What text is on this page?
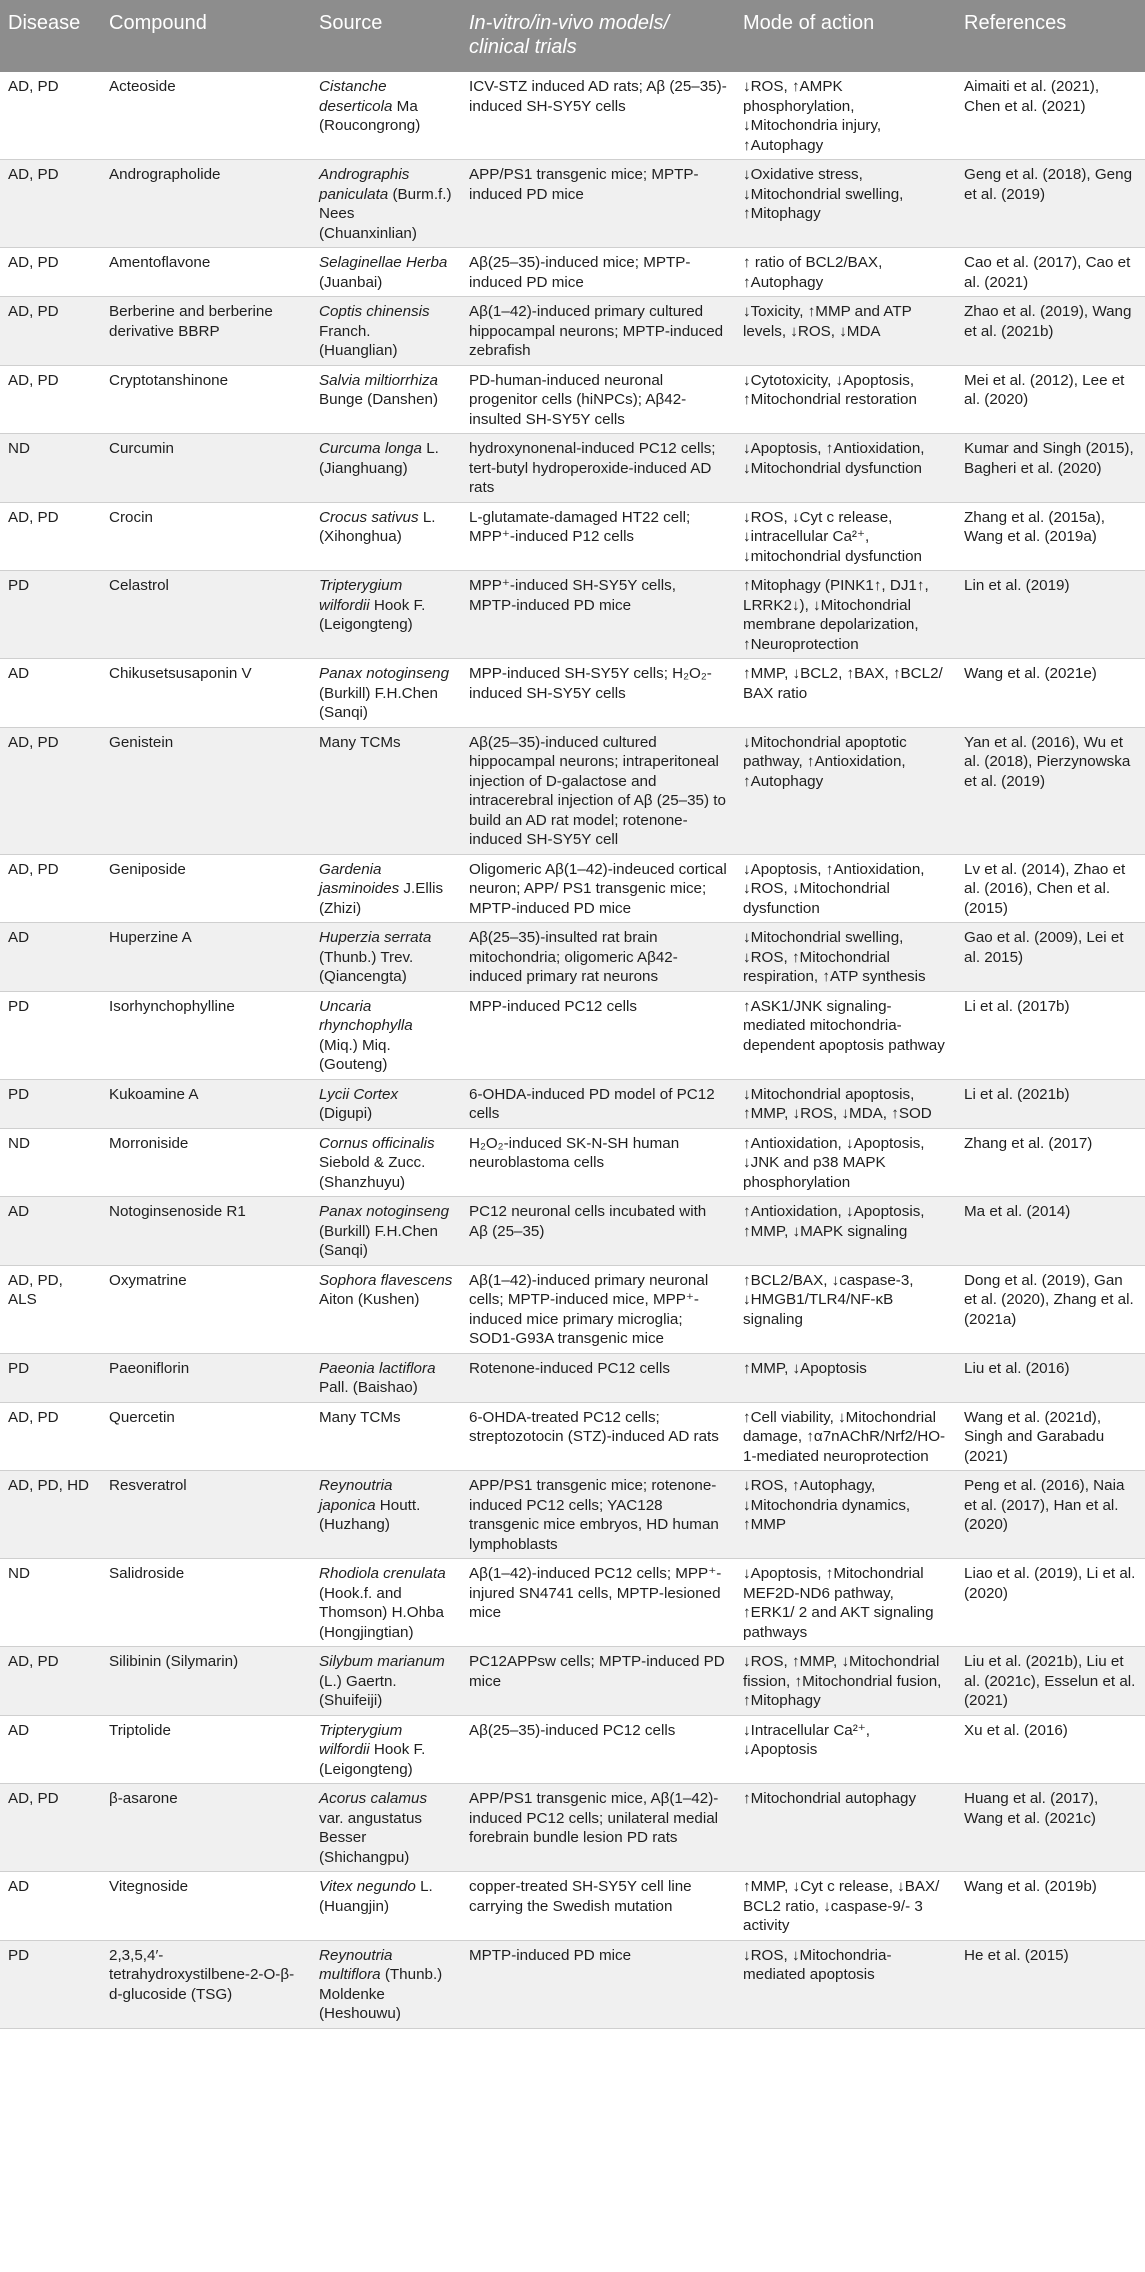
Disease	Compound	Source	In-vitro/in-vivo models/ clinical trials	Mode of action	References
AD, PD	Acteoside	Cistanche deserticola Ma (Roucongrong)	ICV-STZ induced AD rats; Aβ (25–35)-induced SH-SY5Y cells	↓ROS, ↑AMPK phosphorylation, ↓Mitochondria injury, ↑Autophagy	Aimaiti et al. (2021), Chen et al. (2021)
AD, PD	Andrographolide	Andrographis paniculata (Burm.f.) Nees (Chuanxinlian)	APP/PS1 transgenic mice; MPTP-induced PD mice	↓Oxidative stress, ↓Mitochondrial swelling, ↑Mitophagy	Geng et al. (2018), Geng et al. (2019)
AD, PD	Amentoflavone	Selaginellae Herba (Juanbai)	Aβ(25–35)-induced mice; MPTP-induced PD mice	↑ ratio of BCL2/BAX, ↑Autophagy	Cao et al. (2017), Cao et al. (2021)
AD, PD	Berberine and berberine derivative BBRP	Coptis chinensis Franch. (Huanglian)	Aβ(1–42)-induced primary cultured hippocampal neurons; MPTP-induced zebrafish	↓Toxicity, ↑MMP and ATP levels, ↓ROS, ↓MDA	Zhao et al. (2019), Wang et al. (2021b)
AD, PD	Cryptotanshinone	Salvia miltiorrhiza Bunge (Danshen)	PD-human-induced neuronal progenitor cells (hiNPCs); Aβ42-insulted SH-SY5Y cells	↓Cytotoxicity, ↓Apoptosis, ↑Mitochondrial restoration	Mei et al. (2012), Lee et al. (2020)
ND	Curcumin	Curcuma longa L. (Jianghuang)	hydroxynonenal-induced PC12 cells; tert-butyl hydroperoxide-induced AD rats	↓Apoptosis, ↑Antioxidation, ↓Mitochondrial dysfunction	Kumar and Singh (2015), Bagheri et al. (2020)
AD, PD	Crocin	Crocus sativus L. (Xihonghua)	L-glutamate-damaged HT22 cell; MPP⁺-induced P12 cells	↓ROS, ↓Cyt c release, ↓intracellular Ca²⁺, ↓mitochondrial dysfunction	Zhang et al. (2015a), Wang et al. (2019a)
PD	Celastrol	Tripterygium wilfordii Hook F. (Leigongteng)	MPP⁺-induced SH-SY5Y cells, MPTP-induced PD mice	↑Mitophagy (PINK1↑, DJ1↑, LRRK2↓), ↓Mitochondrial membrane depolarization, ↑Neuroprotection	Lin et al. (2019)
AD	Chikusetsusaponin V	Panax notoginseng (Burkill) F.H.Chen (Sanqi)	MPP-induced SH-SY5Y cells; H₂O₂-induced SH-SY5Y cells	↑MMP, ↓BCL2, ↑BAX, ↑BCL2/ BAX ratio	Wang et al. (2021e)
AD, PD	Genistein	Many TCMs	Aβ(25–35)-induced cultured hippocampal neurons; intraperitoneal injection of D-galactose and intracerebral injection of Aβ (25–35) to build an AD rat model; rotenone-induced SH-SY5Y cell	↓Mitochondrial apoptotic pathway, ↑Antioxidation, ↑Autophagy	Yan et al. (2016), Wu et al. (2018), Pierzynowska et al. (2019)
AD, PD	Geniposide	Gardenia jasminoides J.Ellis (Zhizi)	Oligomeric Aβ(1–42)-indeuced cortical neuron; APP/ PS1 transgenic mice; MPTP-induced PD mice	↓Apoptosis, ↑Antioxidation, ↓ROS, ↓Mitochondrial dysfunction	Lv et al. (2014), Zhao et al. (2016), Chen et al. (2015)
AD	Huperzine A	Huperzia serrata (Thunb.) Trev. (Qiancengta)	Aβ(25–35)-insulted rat brain mitochondria; oligomeric Aβ42-induced primary rat neurons	↓Mitochondrial swelling, ↓ROS, ↑Mitochondrial respiration, ↑ATP synthesis	Gao et al. (2009), Lei et al. 2015)
PD	Isorhynchophylline	Uncaria rhynchophylla (Miq.) Miq. (Gouteng)	MPP-induced PC12 cells	↑ASK1/JNK signaling-mediated mitochondria-dependent apoptosis pathway	Li et al. (2017b)
PD	Kukoamine A	Lycii Cortex (Digupi)	6-OHDA-induced PD model of PC12 cells	↓Mitochondrial apoptosis, ↑MMP, ↓ROS, ↓MDA, ↑SOD	Li et al. (2021b)
ND	Morroniside	Cornus officinalis Siebold & Zucc. (Shanzhuyu)	H₂O₂-induced SK-N-SH human neuroblastoma cells	↑Antioxidation, ↓Apoptosis, ↓JNK and p38 MAPK phosphorylation	Zhang et al. (2017)
AD	Notoginsenoside R1	Panax notoginseng (Burkill) F.H.Chen (Sanqi)	PC12 neuronal cells incubated with Aβ (25–35)	↑Antioxidation, ↓Apoptosis, ↑MMP, ↓MAPK signaling	Ma et al. (2014)
AD, PD, ALS	Oxymatrine	Sophora flavescens Aiton (Kushen)	Aβ(1–42)-induced primary neuronal cells; MPTP-induced mice, MPP⁺-induced mice primary microglia; SOD1-G93A transgenic mice	↑BCL2/BAX, ↓caspase-3, ↓HMGB1/TLR4/NF-κB signaling	Dong et al. (2019), Gan et al. (2020), Zhang et al. (2021a)
PD	Paeoniflorin	Paeonia lactiflora Pall. (Baishao)	Rotenone-induced PC12 cells	↑MMP, ↓Apoptosis	Liu et al. (2016)
AD, PD	Quercetin	Many TCMs	6-OHDA-treated PC12 cells; streptozotocin (STZ)-induced AD rats	↑Cell viability, ↓Mitochondrial damage, ↑α7nAChR/Nrf2/HO-1-mediated neuroprotection	Wang et al. (2021d), Singh and Garabadu (2021)
AD, PD, HD	Resveratrol	Reynoutria japonica Houtt. (Huzhang)	APP/PS1 transgenic mice; rotenone-induced PC12 cells; YAC128 transgenic mice embryos, HD human lymphoblasts	↓ROS, ↑Autophagy, ↓Mitochondria dynamics, ↑MMP	Peng et al. (2016), Naia et al. (2017), Han et al. (2020)
ND	Salidroside	Rhodiola crenulata (Hook.f. and Thomson) H.Ohba (Hongjingtian)	Aβ(1–42)-induced PC12 cells; MPP⁺-injured SN4741 cells, MPTP-lesioned mice	↓Apoptosis, ↑Mitochondrial MEF2D-ND6 pathway, ↑ERK1/ 2 and AKT signaling pathways	Liao et al. (2019), Li et al. (2020)
AD, PD	Silibinin (Silymarin)	Silybum marianum (L.) Gaertn. (Shuifeiji)	PC12APPsw cells; MPTP-induced PD mice	↓ROS, ↑MMP, ↓Mitochondrial fission, ↑Mitochondrial fusion, ↑Mitophagy	Liu et al. (2021b), Liu et al. (2021c), Esselun et al. (2021)
AD	Triptolide	Tripterygium wilfordii Hook F. (Leigongteng)	Aβ(25–35)-induced PC12 cells	↓Intracellular Ca²⁺, ↓Apoptosis	Xu et al. (2016)
AD, PD	β-asarone	Acorus calamus var. angustatus Besser (Shichangpu)	APP/PS1 transgenic mice, Aβ(1–42)-induced PC12 cells; unilateral medial forebrain bundle lesion PD rats	↑Mitochondrial autophagy	Huang et al. (2017), Wang et al. (2021c)
AD	Vitegnoside	Vitex negundo L. (Huangjin)	copper-treated SH-SY5Y cell line carrying the Swedish mutation	↑MMP, ↓Cyt c release, ↓BAX/ BCL2 ratio, ↓caspase-9/- 3 activity	Wang et al. (2019b)
PD	2,3,5,4′-tetrahydroxystilbene-2-O-β-d-glucoside (TSG)	Reynoutria multiflora (Thunb.) Moldenke (Heshouwu)	MPTP-induced PD mice	↓ROS, ↓Mitochondria-mediated apoptosis	He et al. (2015)
